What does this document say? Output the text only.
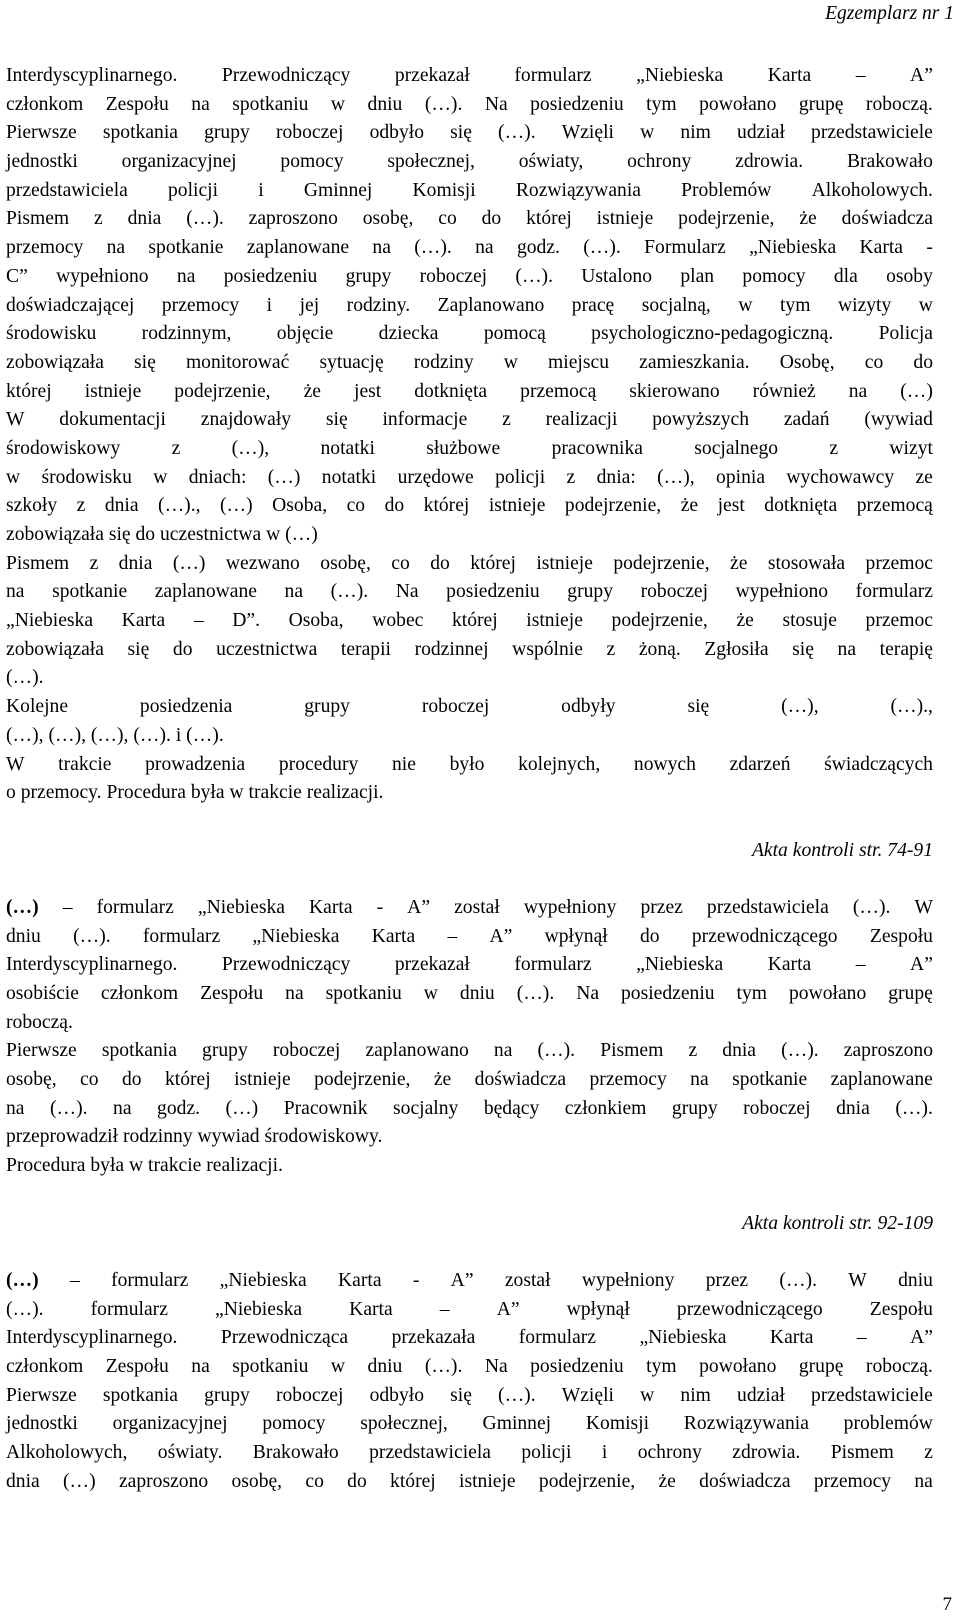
Egzemplarz nr 1
Interdyscyplinarnego. Przewodniczący przekazał formularz „Niebieska Karta – A”
członkom Zespołu na spotkaniu w dniu (…). Na posiedzeniu tym powołano grupę roboczą.
Pierwsze spotkania grupy roboczej odbyło się (…). Wzięli w nim udział przedstawiciele
jednostki organizacyjnej pomocy społecznej, oświaty, ochrony zdrowia. Brakowało
przedstawiciela policji i Gminnej Komisji Rozwiązywania Problemów Alkoholowych.
Pismem z dnia (…). zaproszono osobę, co do której istnieje podejrzenie, że doświadcza
przemocy na spotkanie zaplanowane na (…). na godz. (…). Formularz „Niebieska Karta -
C” wypełniono na posiedzeniu grupy roboczej (…). Ustalono plan pomocy dla osoby
doświadczającej przemocy i jej rodziny. Zaplanowano pracę socjalną, w tym wizyty w
środowisku rodzinnym, objęcie dziecka pomocą psychologiczno-pedagogiczną. Policja
zobowiązała się monitorować sytuację rodziny w miejscu zamieszkania. Osobę, co do
której istnieje podejrzenie, że jest dotknięta przemocą skierowano również na (…)
W dokumentacji znajdowały się informacje z realizacji powyższych zadań (wywiad
środowiskowy	z	(…),	notatki	służbowe	pracownika	socjalnego	z	wizyt
w środowisku w dniach: (…) notatki urzędowe policji z dnia: (…), opinia wychowawcy ze
szkoły z dnia (…)., (…) Osoba, co do której istnieje podejrzenie, że jest dotknięta przemocą
zobowiązała
się
do
uczestnictwa
w
(…)
Pismem z dnia (…) wezwano osobę, co do której istnieje podejrzenie, że stosowała przemoc
na spotkanie zaplanowane na (…). Na posiedzeniu grupy roboczej wypełniono formularz
„Niebieska Karta – D”. Osoba, wobec której istnieje podejrzenie, że stosuje przemoc
zobowiązała się do uczestnictwa terapii rodzinnej wspólnie z żoną. Zgłosiła się na terapię
(…).
Kolejne	posiedzenia	grupy	roboczej	odbyły	się	(…),	(…).,
(…),
(…),
(…),
(…).
i
(…).
W trakcie prowadzenia procedury nie było kolejnych, nowych zdarzeń świadczących
o
przemocy.
Procedura
była
w
trakcie
realizacji.
Akta kontroli str. 74-91
(…) – formularz „Niebieska Karta - A” został wypełniony przez przedstawiciela (…). W
dniu (…). formularz „Niebieska Karta – A” wpłynął do przewodniczącego Zespołu
Interdyscyplinarnego. Przewodniczący przekazał formularz „Niebieska Karta – A”
osobiście członkom Zespołu na spotkaniu w dniu (…). Na posiedzeniu tym powołano grupę
roboczą.
Pierwsze spotkania grupy roboczej zaplanowano na (…). Pismem z dnia (…). zaproszono
osobę, co do której istnieje podejrzenie, że doświadcza przemocy na spotkanie zaplanowane
na (…). na godz. (…) Pracownik socjalny będący członkiem grupy roboczej dnia (…).
przeprowadził
rodzinny
wywiad
środowiskowy.
Procedura
była
w
trakcie
realizacji.
Akta kontroli str. 92-109
(…) – formularz „Niebieska Karta - A” został wypełniony przez (…). W dniu
(…). formularz „Niebieska Karta – A” wpłynął przewodniczącego Zespołu
Interdyscyplinarnego. Przewodnicząca przekazała formularz „Niebieska Karta – A”
członkom Zespołu na spotkaniu w dniu (…). Na posiedzeniu tym powołano grupę roboczą.
Pierwsze spotkania grupy roboczej odbyło się (…). Wzięli w nim udział przedstawiciele
jednostki organizacyjnej pomocy społecznej, Gminnej Komisji Rozwiązywania problemów
Alkoholowych, oświaty. Brakowało przedstawiciela policji i ochrony zdrowia. Pismem z
dnia (…) zaproszono osobę, co do której istnieje podejrzenie, że doświadcza przemocy na
7
